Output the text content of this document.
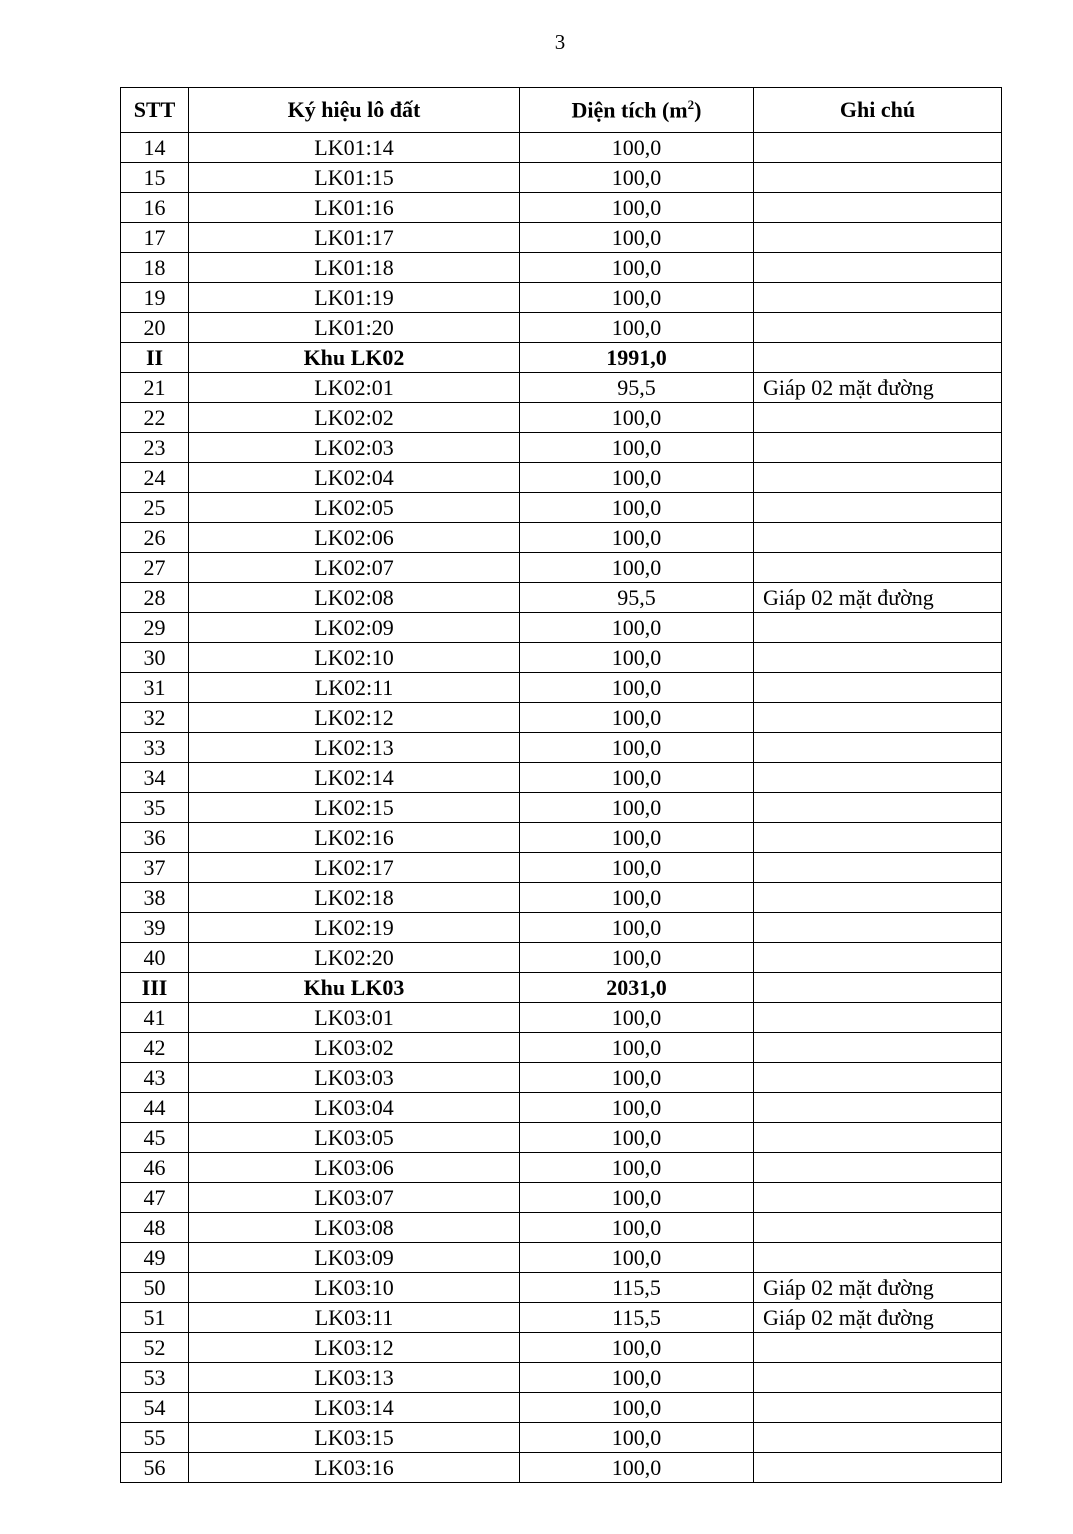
3
STT	Ký hiệu lô đất	Diện tích $(m^2)$	Ghi chú
14	LK01:14	100,0	
15	LK01:15	100,0	
16	LK01:16	100,0	
17	LK01:17	100,0	
18	LK01:18	100,0	
19	LK01:19	100,0	
20	LK01:20	100,0	
II	Khu LK02	1991,0	
21	LK02:01	95,5	Giáp 02 mặt đường
22	LK02:02	100,0	
23	LK02:03	100,0	
24	LK02:04	100,0	
25	LK02:05	100,0	
26	LK02:06	100,0	
27	LK02:07	100,0	
28	LK02:08	95,5	Giáp 02 mặt đường
29	LK02:09	100,0	
30	LK02:10	100,0	
31	LK02:11	100,0	
32	LK02:12	100,0	
33	LK02:13	100,0	
34	LK02:14	100,0	
35	LK02:15	100,0	
36	LK02:16	100,0	
37	LK02:17	100,0	
38	LK02:18	100,0	
39	LK02:19	100,0	
40	LK02:20	100,0	
III	Khu LK03	2031,0	
41	LK03:01	100,0	
42	LK03:02	100,0	
43	LK03:03	100,0	
44	LK03:04	100,0	
45	LK03:05	100,0	
46	LK03:06	100,0	
47	LK03:07	100,0	
48	LK03:08	100,0	
49	LK03:09	100,0	
50	LK03:10	115,5	Giáp 02 mặt đường
51	LK03:11	115,5	Giáp 02 mặt đường
52	LK03:12	100,0	
53	LK03:13	100,0	
54	LK03:14	100,0	
55	LK03:15	100,0	
56	LK03:16	100,0	
